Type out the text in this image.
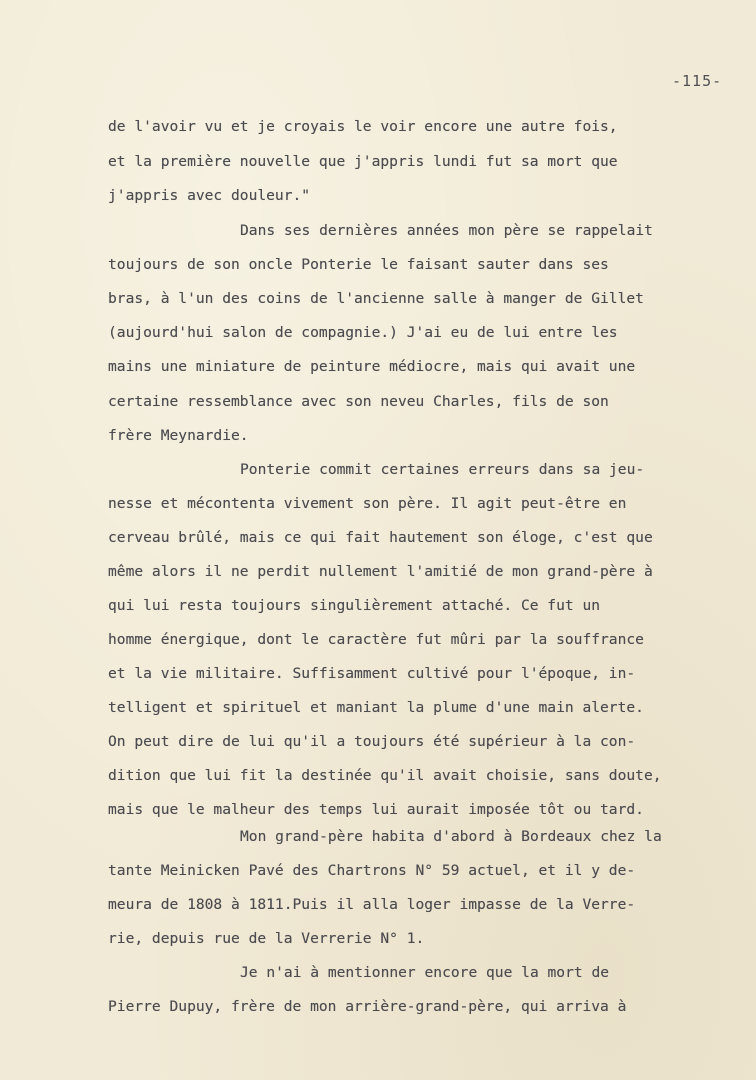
-115-
de l'avoir vu et je croyais le voir encore une autre fois,
et la première nouvelle que j'appris lundi fut sa mort que
j'appris avec douleur."
Dans ses dernières années mon père se rappelait
toujours de son oncle Ponterie le faisant sauter dans ses
bras, à l'un des coins de l'ancienne salle à manger de Gillet
(aujourd'hui salon de compagnie.) J'ai eu de lui entre les
mains une miniature de peinture médiocre, mais qui avait une
certaine ressemblance avec son neveu Charles, fils de son
frère Meynardie.
Ponterie commit certaines erreurs dans sa jeu-
nesse et mécontenta vivement son père. Il agit peut-être en
cerveau brûlé, mais ce qui fait hautement son éloge, c'est que
même alors il ne perdit nullement l'amitié de mon grand-père à
qui lui resta toujours singulièrement attaché. Ce fut un
homme énergique, dont le caractère fut mûri par la souffrance
et la vie militaire. Suffisamment cultivé pour l'époque, in-
telligent et spirituel et maniant la plume d'une main alerte.
On peut dire de lui qu'il a toujours été supérieur à la con-
dition que lui fit la destinée qu'il avait choisie, sans doute,
mais que le malheur des temps lui aurait imposée tôt ou tard.
Mon grand-père habita d'abord à Bordeaux chez la
tante Meinicken Pavé des Chartrons N° 59 actuel, et il y de-
meura de 1808 à 1811.Puis il alla loger impasse de la Verre-
rie, depuis rue de la Verrerie N° 1.
Je n'ai à mentionner encore que la mort de
Pierre Dupuy, frère de mon arrière-grand-père, qui arriva à
